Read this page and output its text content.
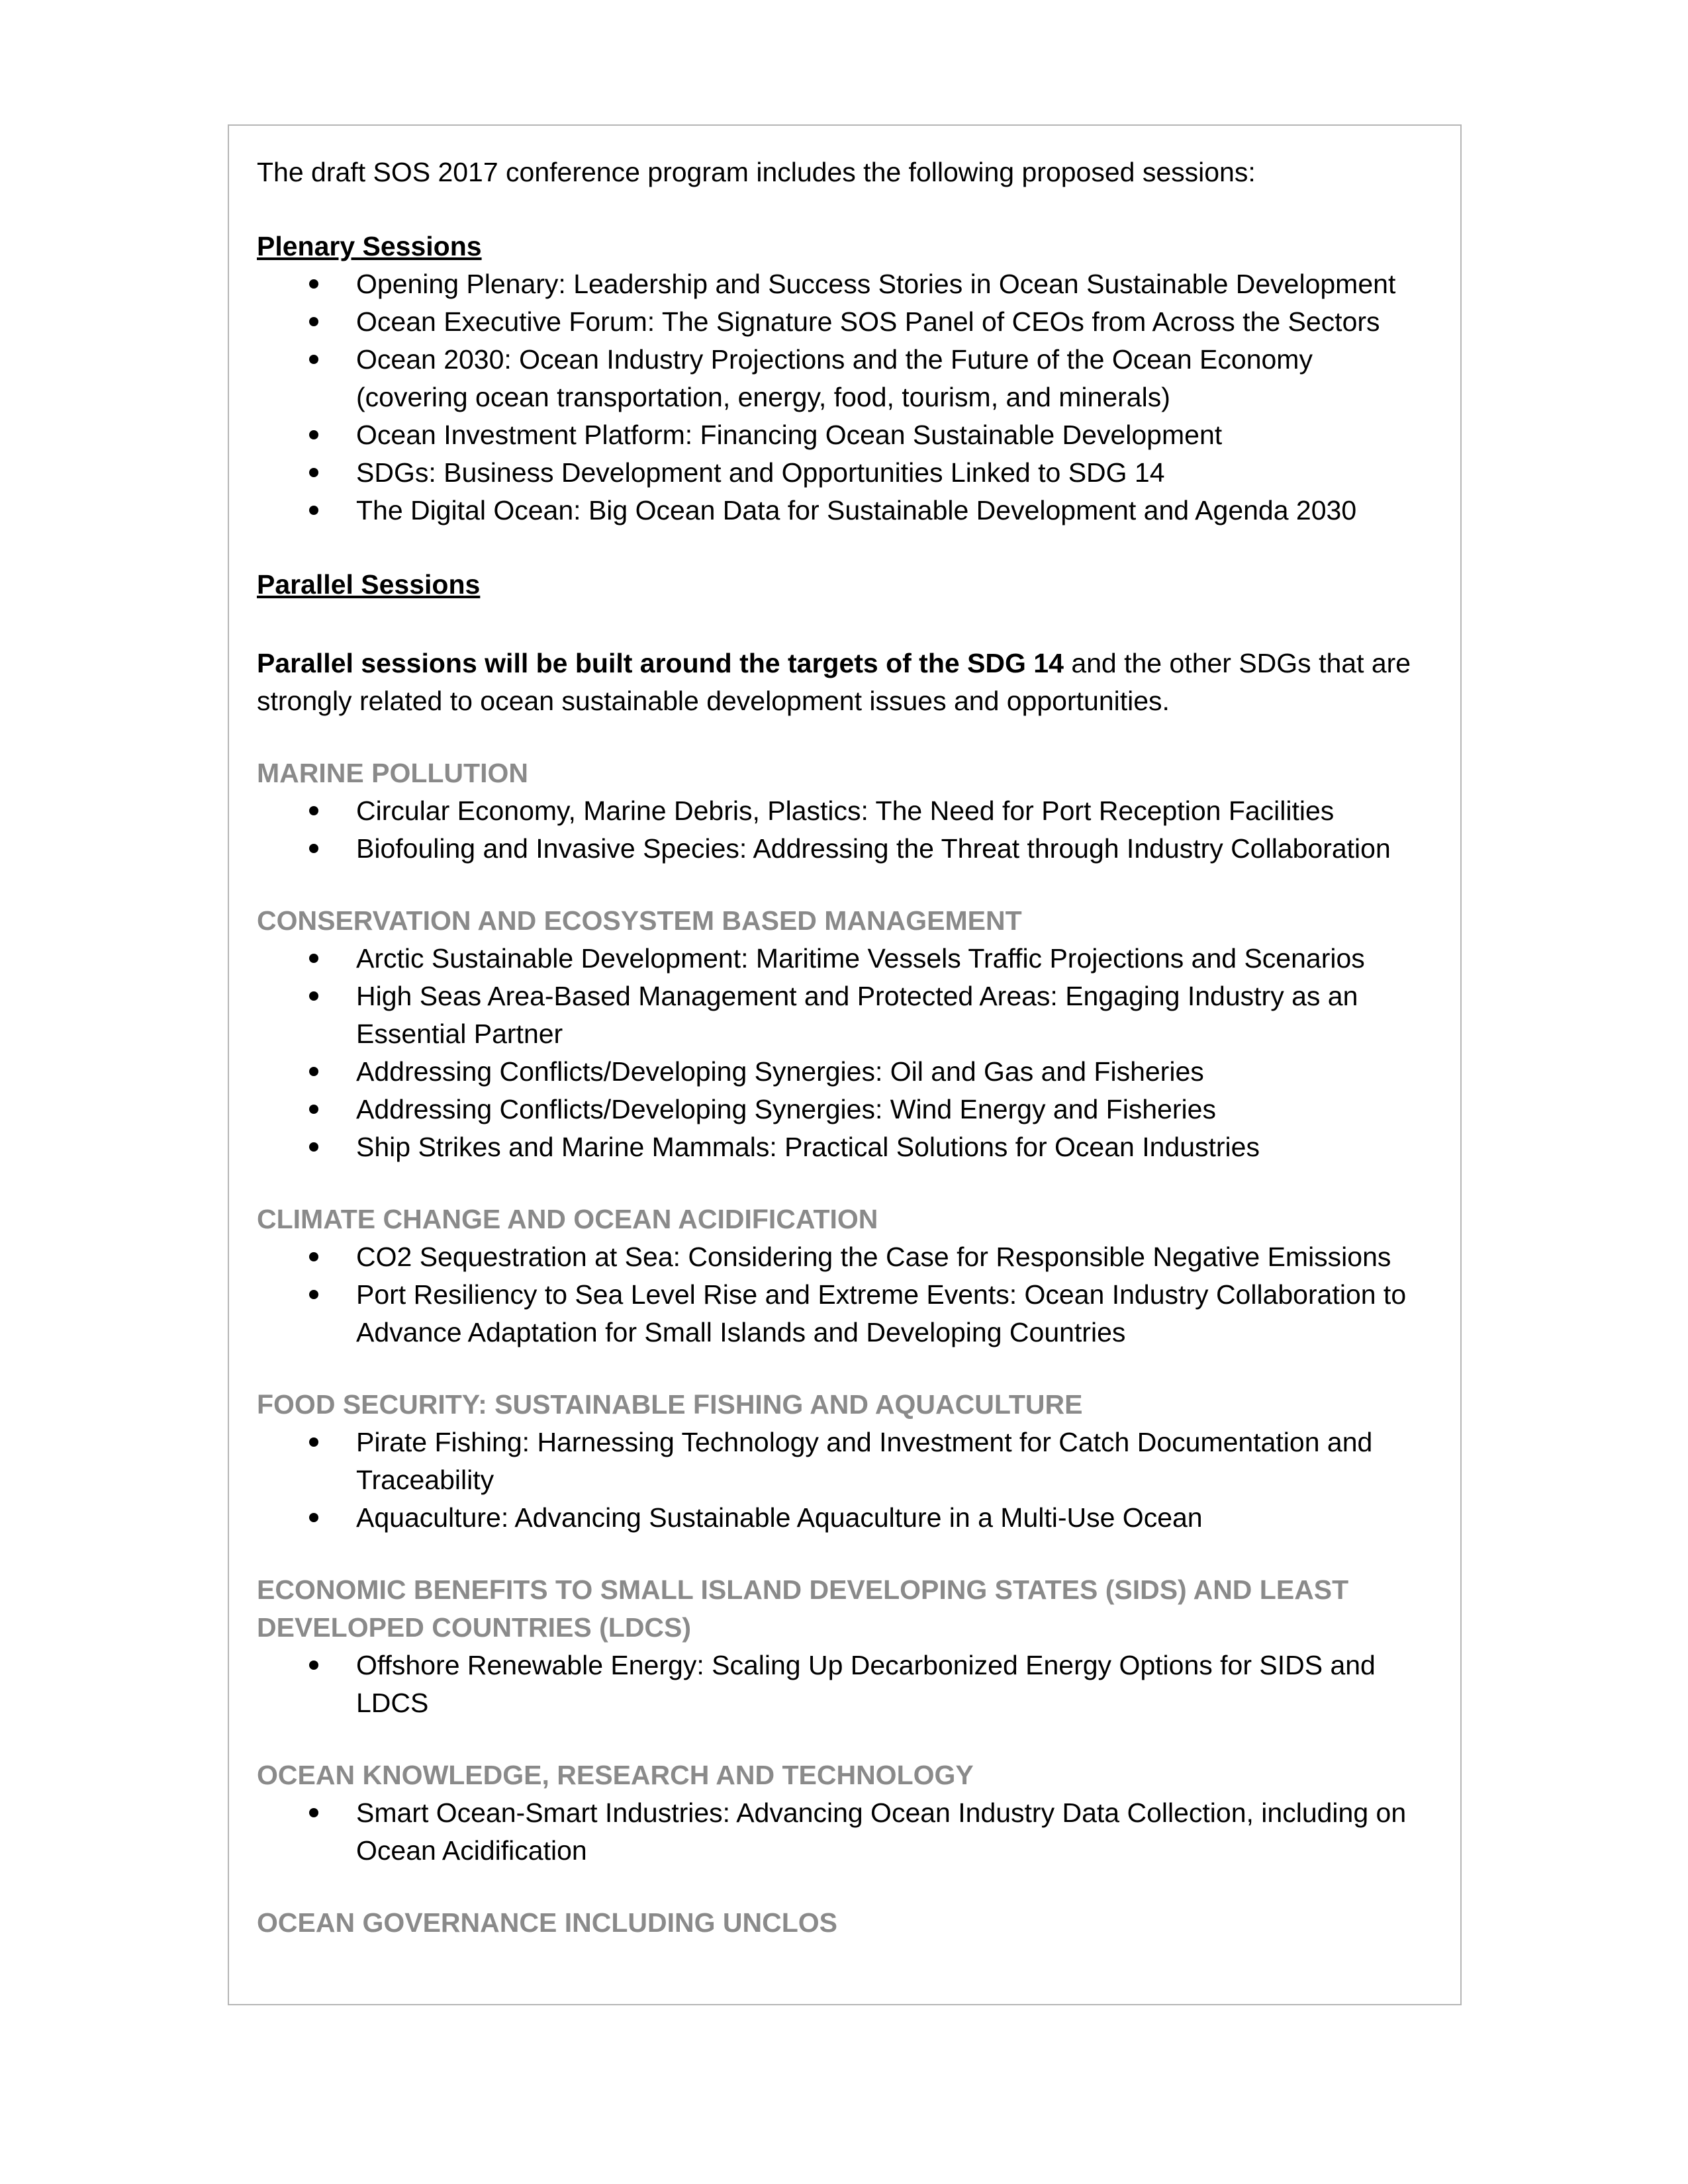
The draft SOS 2017 conference program includes the following proposed sessions:

Plenary Sessions

Opening Plenary: Leadership and Success Stories in Ocean Sustainable Development
Ocean Executive Forum: The Signature SOS Panel of CEOs from Across the Sectors
Ocean 2030: Ocean Industry Projections and the Future of the Ocean Economy (covering ocean transportation, energy, food, tourism, and minerals)
Ocean Investment Platform: Financing Ocean Sustainable Development
SDGs: Business Development and Opportunities Linked to SDG 14
The Digital Ocean: Big Ocean Data for Sustainable Development and Agenda 2030

Parallel Sessions

Parallel sessions will be built around the targets of the SDG 14 and the other SDGs that are strongly related to ocean sustainable development issues and opportunities.

MARINE POLLUTION

Circular Economy, Marine Debris, Plastics: The Need for Port Reception Facilities
Biofouling and Invasive Species: Addressing the Threat through Industry Collaboration

CONSERVATION AND ECOSYSTEM BASED MANAGEMENT

Arctic Sustainable Development: Maritime Vessels Traffic Projections and Scenarios
High Seas Area-Based Management and Protected Areas: Engaging Industry as an Essential Partner
Addressing Conflicts/Developing Synergies: Oil and Gas and Fisheries
Addressing Conflicts/Developing Synergies: Wind Energy and Fisheries
Ship Strikes and Marine Mammals: Practical Solutions for Ocean Industries

CLIMATE CHANGE AND OCEAN ACIDIFICATION

CO2 Sequestration at Sea: Considering the Case for Responsible Negative Emissions
Port Resiliency to Sea Level Rise and Extreme Events: Ocean Industry Collaboration to Advance Adaptation for Small Islands and Developing Countries

FOOD SECURITY: SUSTAINABLE FISHING AND AQUACULTURE

Pirate Fishing: Harnessing Technology and Investment for Catch Documentation and Traceability
Aquaculture: Advancing Sustainable Aquaculture in a Multi-Use Ocean

ECONOMIC BENEFITS TO SMALL ISLAND DEVELOPING STATES (SIDS) AND LEAST DEVELOPED COUNTRIES (LDCS)

Offshore Renewable Energy: Scaling Up Decarbonized Energy Options for SIDS and LDCS

OCEAN KNOWLEDGE, RESEARCH AND TECHNOLOGY

Smart Ocean-Smart Industries: Advancing Ocean Industry Data Collection, including on Ocean Acidification

OCEAN GOVERNANCE INCLUDING UNCLOS
